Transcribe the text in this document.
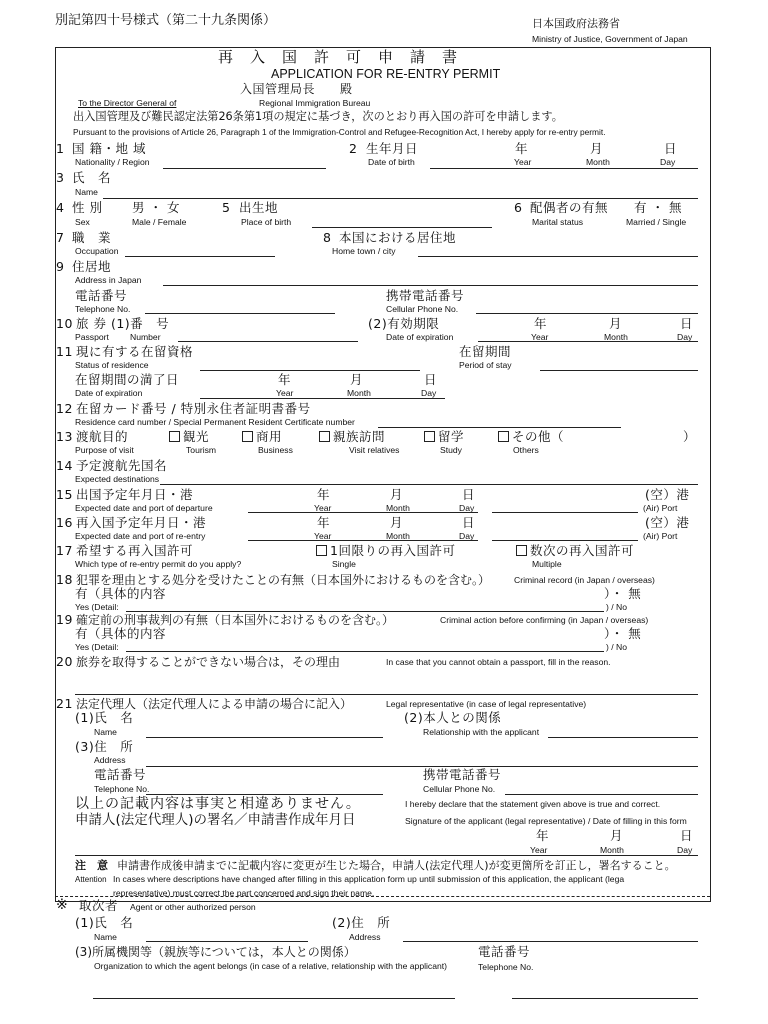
別記第四十号様式（第二十九条関係）	日本国政府法務省
Ministry of Justice, Government of Japan
再　入　国　許　可　申　請　書
APPLICATION FOR RE-ENTRY PERMIT
入国管理局長　　殿
To the Director General of	Regional Immigration Bureau
出入国管理及び難民認定法第26条第1項の規定に基づき，次のとおり再入国の許可を申請します。
Pursuant to the provisions of Article 26, Paragraph 1 of the Immigration-Control and Refugee-Recognition Act, I hereby apply for re-entry permit.
1 国 籍・地 域
Nationality / Region
2 生年月日
Date of birth
年
Year
月
Month
日
Day
3 氏　名
Name
4 性 別 男 ・ 女
Sex	Male / Female
5 出生地
Place of birth
6 配偶者の有無 有 ・ 無
Marital status	Married / Single
7 職　業
Occupation
8 本国における居住地
Home town / city
9 住居地
Address in Japan
電話番号
Telephone No.
携帯電話番号
Cellular Phone No.
10 旅 券 (1)番　号
Passport Number
(2)有効期限
Date of expiration
年
Year
月
Month
日
Day
11 現に有する在留資格
Status of residence
在留期間
Period of stay
在留期間の満了日
Date of expiration
年
Year
月
Month
日
Day
12 在留カード番号 / 特別永住者証明書番号
Residence card number / Special Permanent Resident Certificate number
13 渡航目的
Purpose of visit
観光
Tourism
商用
Business
親族訪問
Visit relatives
留学
Study
その他（	）
Others
14 予定渡航先国名
Expected destinations
15 出国予定年月日・港
Expected date and port of departure
年
Year
月
Month
日
Day
(空）港
(Air) Port
16 再入国予定年月日・港
Expected date and port of re-entry
年
Year
月
Month
日
Day
(空）港
(Air) Port
17 希望する再入国許可
Which type of re-entry permit do you apply?
1回限りの再入国許可
Single
数次の再入国許可
Multiple
18 犯罪を理由とする処分を受けたことの有無（日本国外におけるものを含む。）	Criminal record (in Japan / overseas)
有（具体的内容
Yes (Detail:
）・ 無
) / No
19 確定前の刑事裁判の有無（日本国外におけるものを含む。）	Criminal action before confirming (in Japan / overseas)
有（具体的内容
Yes (Detail:
）・ 無
) / No
20 旅券を取得することができない場合は，その理由	In case that you cannot obtain a passport, fill in the reason.
21 法定代理人（法定代理人による申請の場合に記入）	Legal representative (in case of legal representative)
(1)氏　名
Name
(2)本人との関係
Relationship with the applicant
(3)住　所
Address
電話番号
Telephone No.
携帯電話番号
Cellular Phone No.
以上の記載内容は事実と相違ありません。	I hereby declare that the statement given above is true and correct.
申請人(法定代理人)の署名／申請書作成年月日	Signature of the applicant (legal representative) / Date of filling in this form
年
Year
月
Month
日
Day
注　意 申請書作成後申請までに記載内容に変更が生じた場合，申請人(法定代理人)が変更箇所を訂正し，署名すること。
Attention In cases where descriptions have changed after filling in this application form up until submission of this application, the applicant (lega
representative) must correct the part concerned and sign their name.
※ 取次者 Agent or other authorized person
(1)氏　名
Name
(2)住　所
Address
(3)所属機関等（親族等については，本人との関係）
Organization to which the agent belongs (in case of a relative, relationship with the applicant)
電話番号
Telephone No.
